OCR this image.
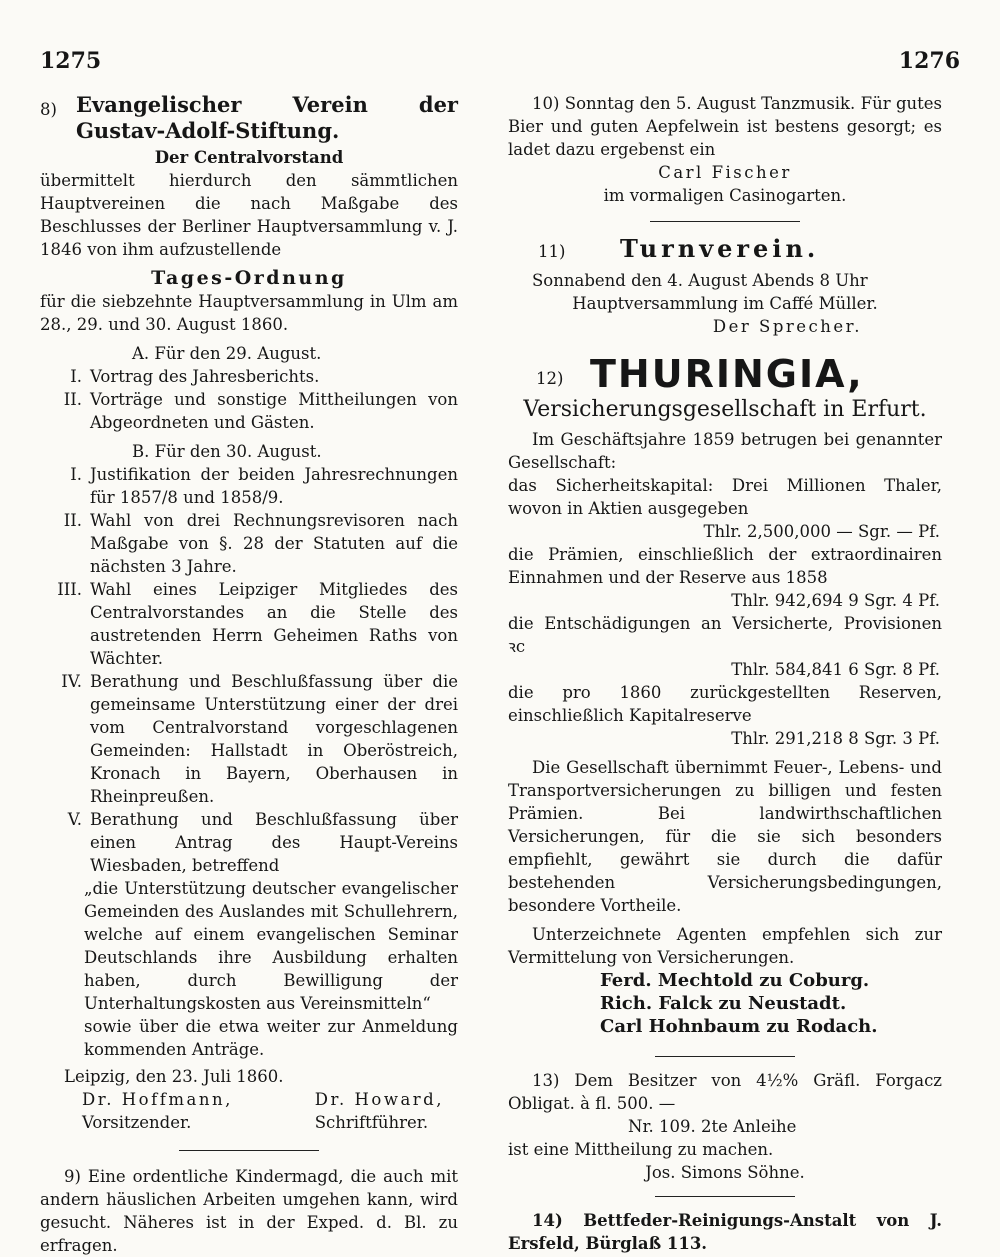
1275	1276

Evangelischer Verein der Gustav-Adolf-Stiftung.

8)

Der Centralvorstand

übermittelt hierdurch den sämmtlichen Hauptvereinen die nach Maßgabe des Beschlusses der Berliner Hauptversammlung v. J. 1846 von ihm aufzustellende

Tages-Ordnung

für die siebzehnte Hauptversammlung in Ulm am 28., 29. und 30. August 1860.

A. Für den 29. August.

I. Vortrag des Jahresberichts.
II. Vorträge und sonstige Mittheilungen von Abgeordneten und Gästen.

B. Für den 30. August.

I. Justifikation der beiden Jahresrechnungen für 1857/8 und 1858/9.
II. Wahl von drei Rechnungsrevisoren nach Maßgabe von §. 28 der Statuten auf die nächsten 3 Jahre.
III. Wahl eines Leipziger Mitgliedes des Centralvorstandes an die Stelle des austretenden Herrn Geheimen Raths von Wächter.
IV. Berathung und Beschlußfassung über die gemeinsame Unterstützung einer der drei vom Centralvorstand vorgeschlagenen Gemeinden: Hallstadt in Oberöstreich, Kronach in Bayern, Oberhausen in Rheinpreußen.
V. Berathung und Beschlußfassung über einen Antrag des Haupt-Vereins Wiesbaden, betreffend

„die Unterstützung deutscher evangelischer Gemeinden des Auslandes mit Schullehrern, welche auf einem evangelischen Seminar Deutschlands ihre Ausbildung erhalten haben, durch Bewilligung der Unterhaltungskosten aus Vereinsmitteln“

sowie über die etwa weiter zur Anmeldung kommenden Anträge.

Leipzig, den 23. Juli 1860.

Dr. Hoffmann,
Vorsitzender.
Dr. Howard,
Schriftführer.

9) Eine ordentliche Kindermagd, die auch mit andern häuslichen Arbeiten umgehen kann, wird gesucht. Näheres ist in der Exped. d. Bl. zu erfragen.

10) Sonntag den 5. August Tanzmusik. Für gutes Bier und guten Aepfelwein ist bestens gesorgt; es ladet dazu ergebenst ein

Carl Fischer

im vormaligen Casinogarten.

11)	Turnverein.

Sonnabend den 4. August Abends 8 Uhr

Hauptversammlung im Caffé Müller.

Der Sprecher.

12) THURINGIA,

Versicherungsgesellschaft in Erfurt.

Im Geschäftsjahre 1859 betrugen bei genannter Gesellschaft:

das Sicherheitskapital: Drei Millionen Thaler, wovon in Aktien ausgegeben

Thlr. 2,500,000 — Sgr. — Pf.

die Prämien, einschließlich der extraordinairen Einnahmen und der Reserve aus 1858

Thlr. 942,694 9 Sgr. 4 Pf.

die Entschädigungen an Versicherte, Provisionen ꝛc

Thlr. 584,841 6 Sgr. 8 Pf.

die pro 1860 zurückgestellten Reserven, einschließlich Kapitalreserve

Thlr. 291,218 8 Sgr. 3 Pf.

Die Gesellschaft übernimmt Feuer-, Lebens- und Transportversicherungen zu billigen und festen Prämien. Bei landwirthschaftlichen Versicherungen, für die sie sich besonders empfiehlt, gewährt sie durch die dafür bestehenden Versicherungsbedingungen, besondere Vortheile.

Unterzeichnete Agenten empfehlen sich zur Vermittelung von Versicherungen.

Ferd. Mechtold zu Coburg.

Rich. Falck zu Neustadt.

Carl Hohnbaum zu Rodach.

13) Dem Besitzer von 4½% Gräfl. Forgacz Obligat. à fl. 500. —

Nr. 109. 2te Anleihe

ist eine Mittheilung zu machen.

Jos. Simons Söhne.

14) Bettfeder-Reinigungs-Anstalt von J. Ersfeld, Bürglaß 113.
